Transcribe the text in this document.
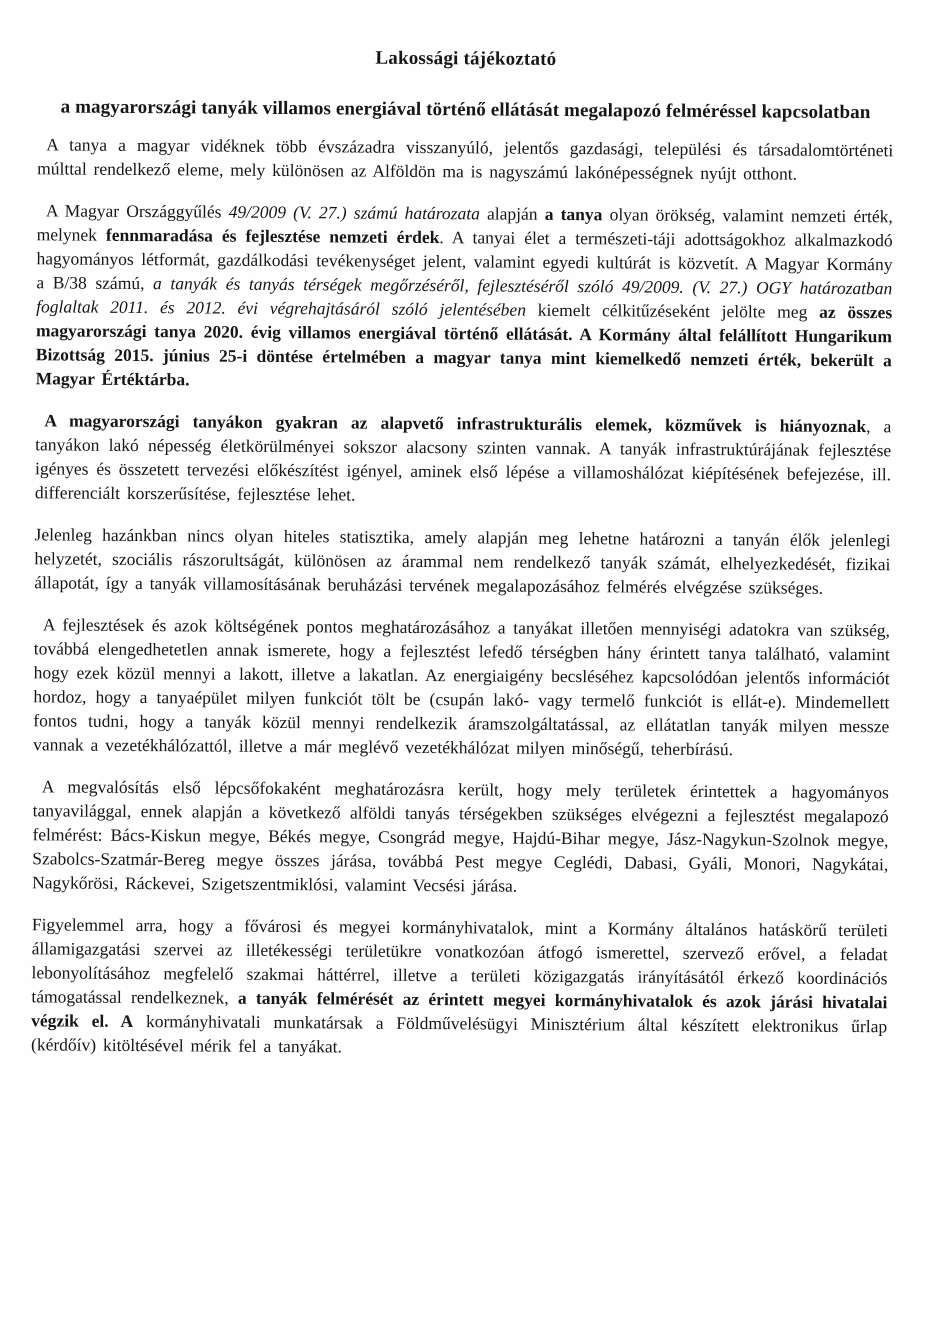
Lakossági tájékoztató
a magyarországi tanyák villamos energiával történő ellátását megalapozó felméréssel kapcsolatban

A tanya a magyar vidéknek több évszázadra visszanyúló, jelentős gazdasági, települési és társadalomtörténeti múlttal rendelkező eleme, mely különösen az Alföldön ma is nagyszámú lakónépességnek nyújt otthont.

A Magyar Országgyűlés 49/2009 (V. 27.) számú határozata alapján a tanya olyan örökség, valamint nemzeti érték, melynek fennmaradása és fejlesztése nemzeti érdek. A tanyai élet a természeti-táji adottságokhoz alkalmazkodó hagyományos létformát, gazdálkodási tevékenységet jelent, valamint egyedi kultúrát is közvetít. A Magyar Kormány a B/38 számú, a tanyák és tanyás térségek megőrzéséről, fejlesztéséről szóló 49/2009. (V. 27.) OGY határozatban foglaltak 2011. és 2012. évi végrehajtásáról szóló jelentésében kiemelt célkitűzéseként jelölte meg az összes magyarországi tanya 2020. évig villamos energiával történő ellátását. A Kormány által felállított Hungarikum Bizottság 2015. június 25-i döntése értelmében a magyar tanya mint kiemelkedő nemzeti érték, bekerült a Magyar Értéktárba.

A magyarországi tanyákon gyakran az alapvető infrastrukturális elemek, közművek is hiányoznak, a tanyákon lakó népesség életkörülményei sokszor alacsony szinten vannak. A tanyák infrastruktúrájának fejlesztése igényes és összetett tervezési előkészítést igényel, aminek első lépése a villamoshálózat kiépítésének befejezése, ill. differenciált korszerűsítése, fejlesztése lehet.

Jelenleg hazánkban nincs olyan hiteles statisztika, amely alapján meg lehetne határozni a tanyán élők jelenlegi helyzetét, szociális rászorultságát, különösen az árammal nem rendelkező tanyák számát, elhelyezkedését, fizikai állapotát, így a tanyák villamosításának beruházási tervének megalapozásához felmérés elvégzése szükséges.

A fejlesztések és azok költségének pontos meghatározásához a tanyákat illetően mennyiségi adatokra van szükség, továbbá elengedhetetlen annak ismerete, hogy a fejlesztést lefedő térségben hány érintett tanya található, valamint hogy ezek közül mennyi a lakott, illetve a lakatlan. Az energiaigény becsléséhez kapcsolódóan jelentős információt hordoz, hogy a tanyaépület milyen funkciót tölt be (csupán lakó- vagy termelő funkciót is ellát-e). Mindemellett fontos tudni, hogy a tanyák közül mennyi rendelkezik áramszolgáltatással, az ellátatlan tanyák milyen messze vannak a vezetékhálózattól, illetve a már meglévő vezetékhálózat milyen minőségű, teherbírású.

A megvalósítás első lépcsőfokaként meghatározásra került, hogy mely területek érintettek a hagyományos tanyavilággal, ennek alapján a következő alföldi tanyás térségekben szükséges elvégezni a fejlesztést megalapozó felmérést: Bács-Kiskun megye, Békés megye, Csongrád megye, Hajdú-Bihar megye, Jász-Nagykun-Szolnok megye, Szabolcs-Szatmár-Bereg megye összes járása, továbbá Pest megye Ceglédi, Dabasi, Gyáli, Monori, Nagykátai, Nagykőrösi, Ráckevei, Szigetszentmiklósi, valamint Vecsési járása.

Figyelemmel arra, hogy a fővárosi és megyei kormányhivatalok, mint a Kormány általános hatáskörű területi államigazgatási szervei az illetékességi területükre vonatkozóan átfogó ismerettel, szervező erővel, a feladat lebonyolításához megfelelő szakmai háttérrel, illetve a területi közigazgatás irányításától érkező koordinációs támogatással rendelkeznek, a tanyák felmérését az érintett megyei kormányhivatalok és azok járási hivatalai végzik el. A kormányhivatali munkatársak a Földművelésügyi Minisztérium által készített elektronikus űrlap (kérdőív) kitöltésével mérik fel a tanyákat.
